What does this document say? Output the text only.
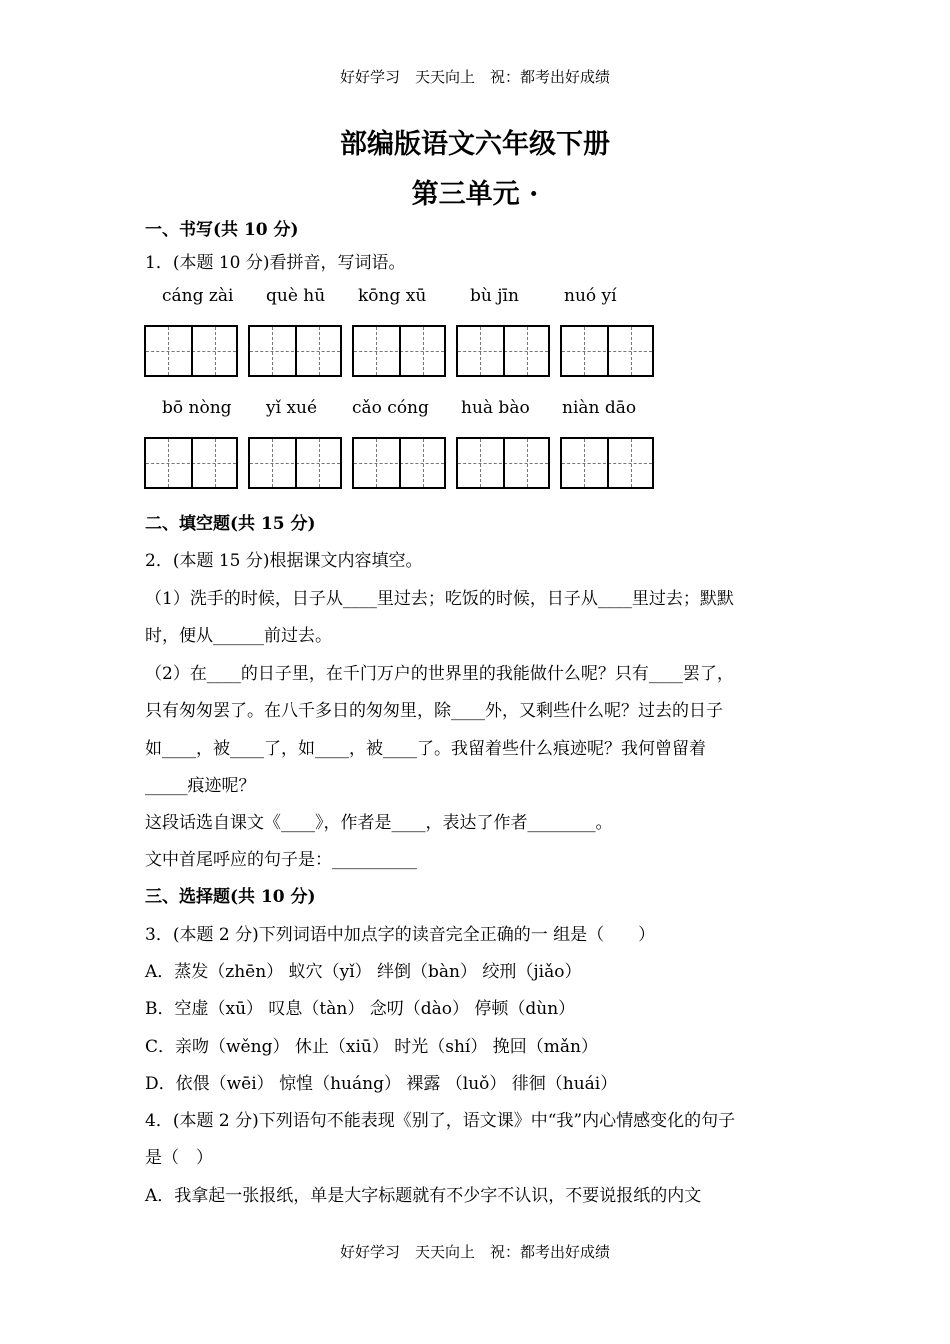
好好学习　天天向上　祝：都考出好成绩
部编版语文六年级下册
第三单元 ·
一、书写(共 10 分)
1．(本题 10 分)看拼音，写词语。
cáng zài què hū kōng xū	bù jīn	nuó yí
bō nòng yǐ xué cǎo cóng huà bào niàn dāo
二、填空题(共 15 分)
2．(本题 15 分)根据课文内容填空。
（1）洗手的时候，日子从____里过去；吃饭的时候，日子从____里过去；默默
时，便从______前过去。
（2）在____的日子里，在千门万户的世界里的我能做什么呢？只有____罢了，
只有匆匆罢了。在八千多日的匆匆里，除____外，又剩些什么呢？过去的日子
如____，被____了，如____，被____了。我留着些什么痕迹呢？我何曾留着
_____痕迹呢？
这段话选自课文《____》，作者是____，表达了作者________。
文中首尾呼应的句子是：__________
三、选择题(共 10 分)
3．(本题 2 分)下列词语中加点字的读音完全正确的一 组是（　　）
A．蒸发（zhēn） 蚁穴（yǐ） 绊倒（bàn） 绞刑（jiǎo）
B．空虚（xū） 叹息（tàn） 念叨（dào） 停顿（dùn）
C．亲吻（wěng） 休止（xiū） 时光（shí） 挽回（mǎn）
D．依偎（wēi） 惊惶（huáng） 裸露 （luǒ） 徘徊（huái）
4．(本题 2 分)下列语句不能表现《别了，语文课》中“我”内心情感变化的句子
是（　）
A．我拿起一张报纸，单是大字标题就有不少字不认识，不要说报纸的内文
好好学习　天天向上　祝：都考出好成绩
